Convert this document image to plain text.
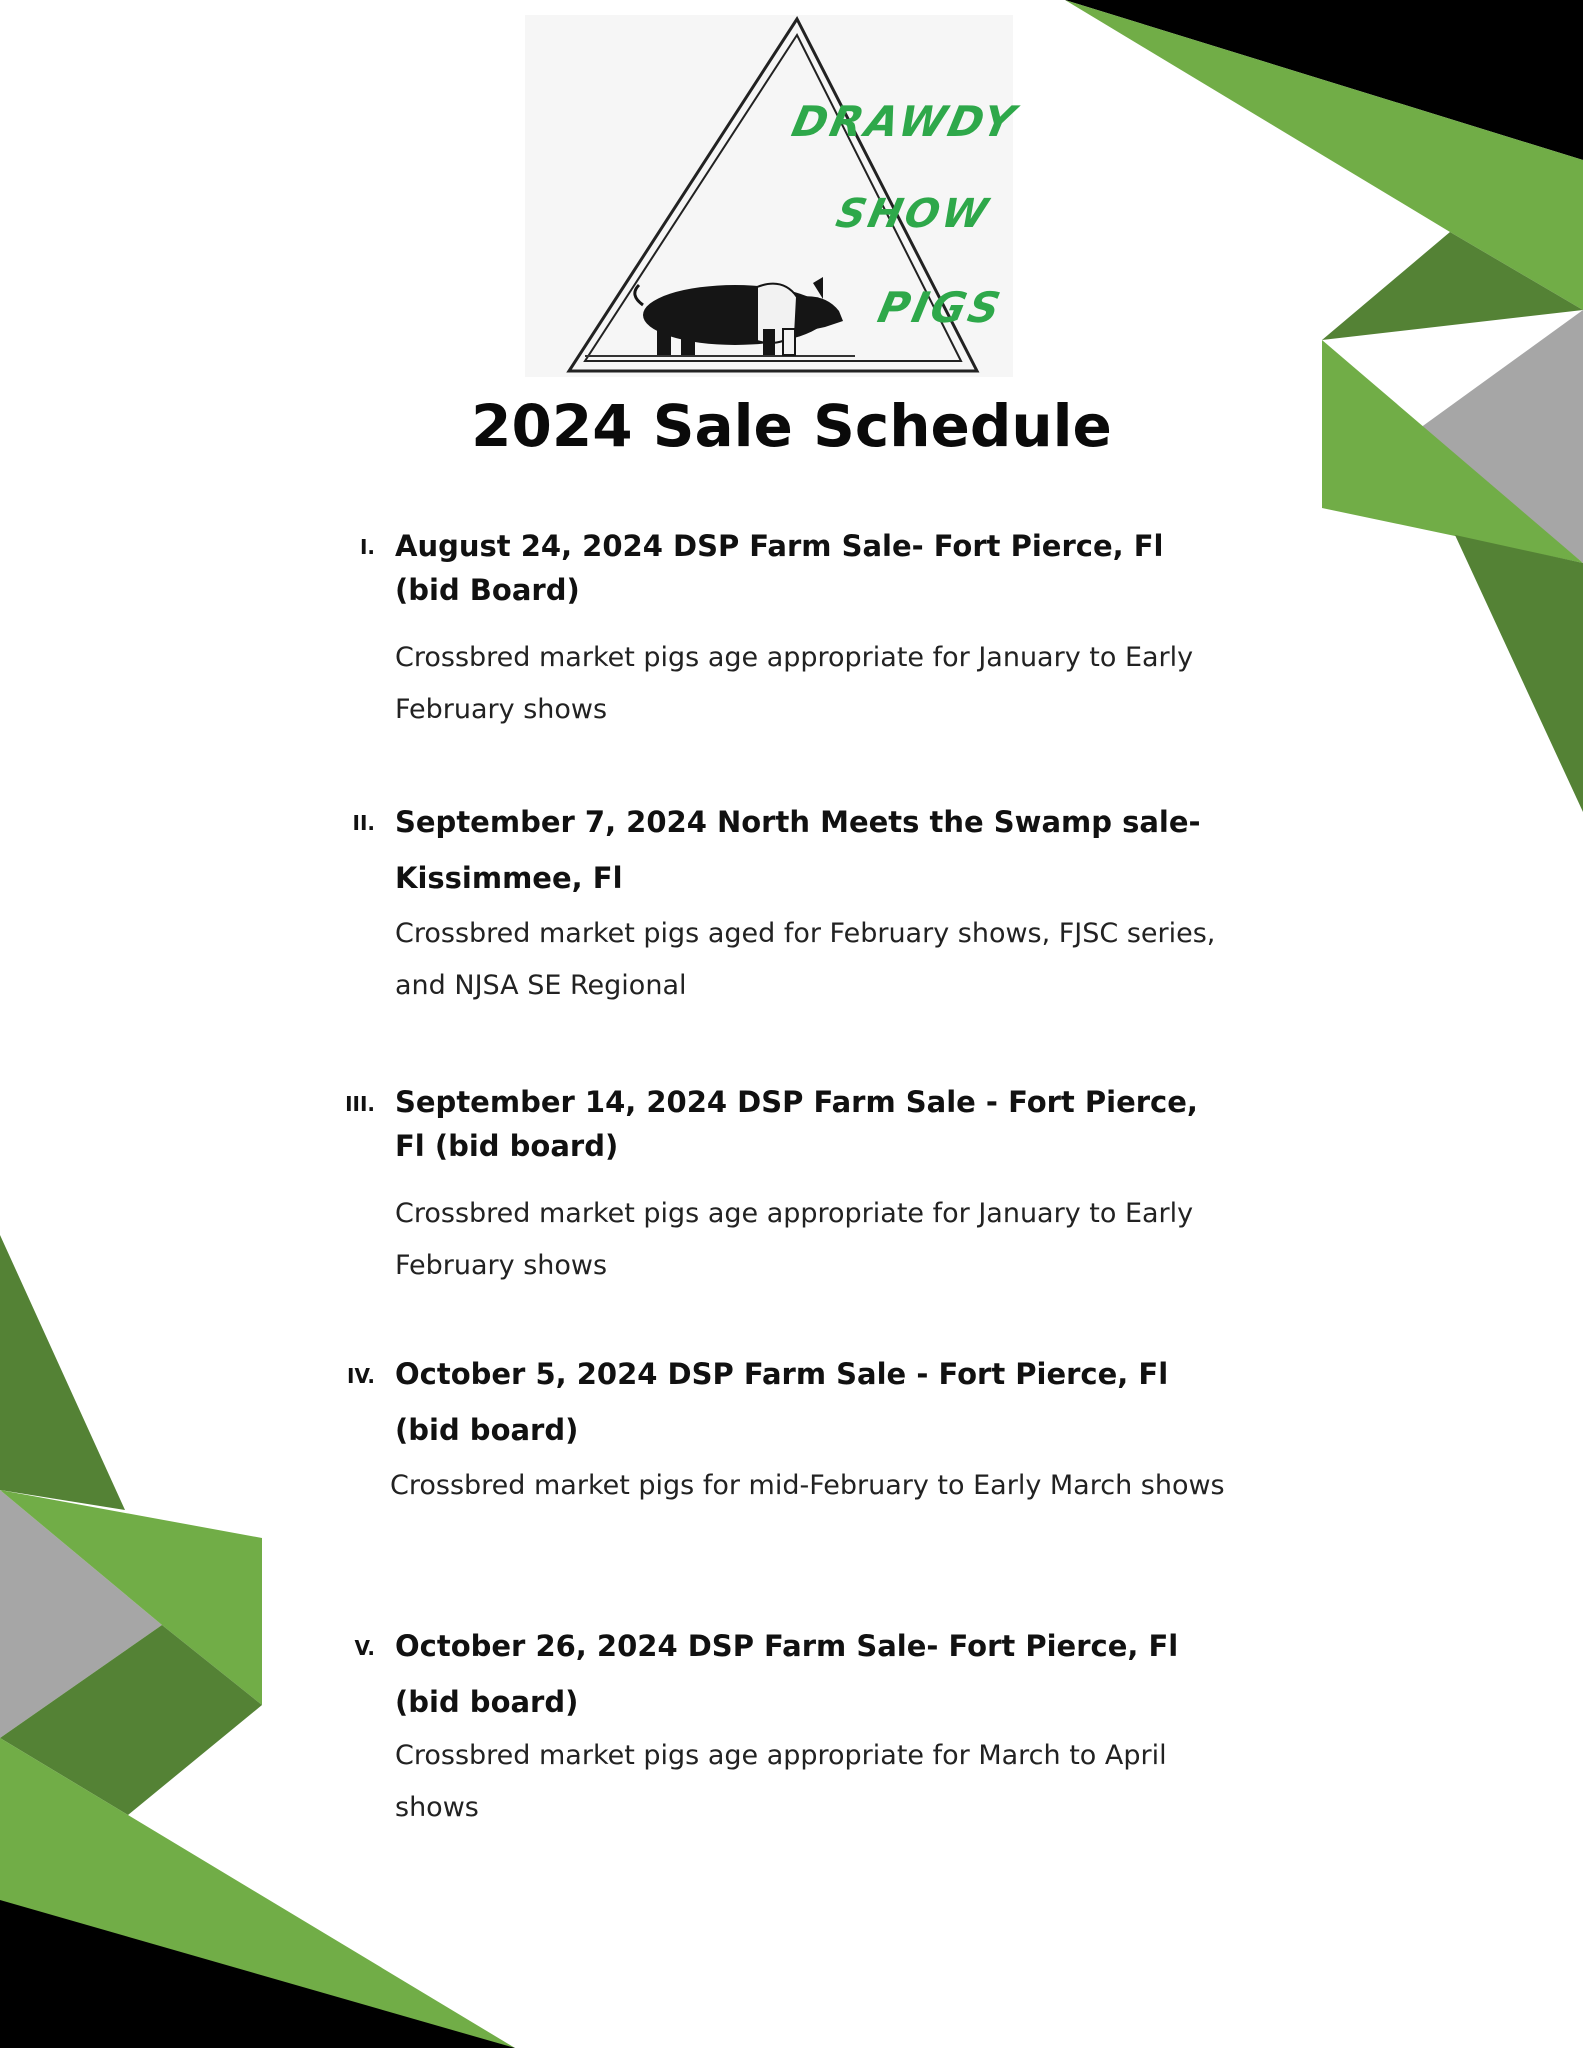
DRAWDY
SHOW
PIGS
2024 Sale Schedule
I. August 24, 2024 DSP Farm Sale- Fort Pierce, Fl (bid Board)

Crossbred market pigs age appropriate for January to Early February shows

II. September 7, 2024 North Meets the Swamp sale- Kissimmee, Fl

Crossbred market pigs aged for February shows, FJSC series, and NJSA SE Regional

III. September 14, 2024 DSP Farm Sale - Fort Pierce, Fl (bid board)

Crossbred market pigs age appropriate for January to Early February shows

IV. October 5, 2024 DSP Farm Sale - Fort Pierce, Fl (bid board)

Crossbred market pigs for mid-February to Early March shows

V. October 26, 2024 DSP Farm Sale- Fort Pierce, Fl (bid board)

Crossbred market pigs age appropriate for March to April shows
